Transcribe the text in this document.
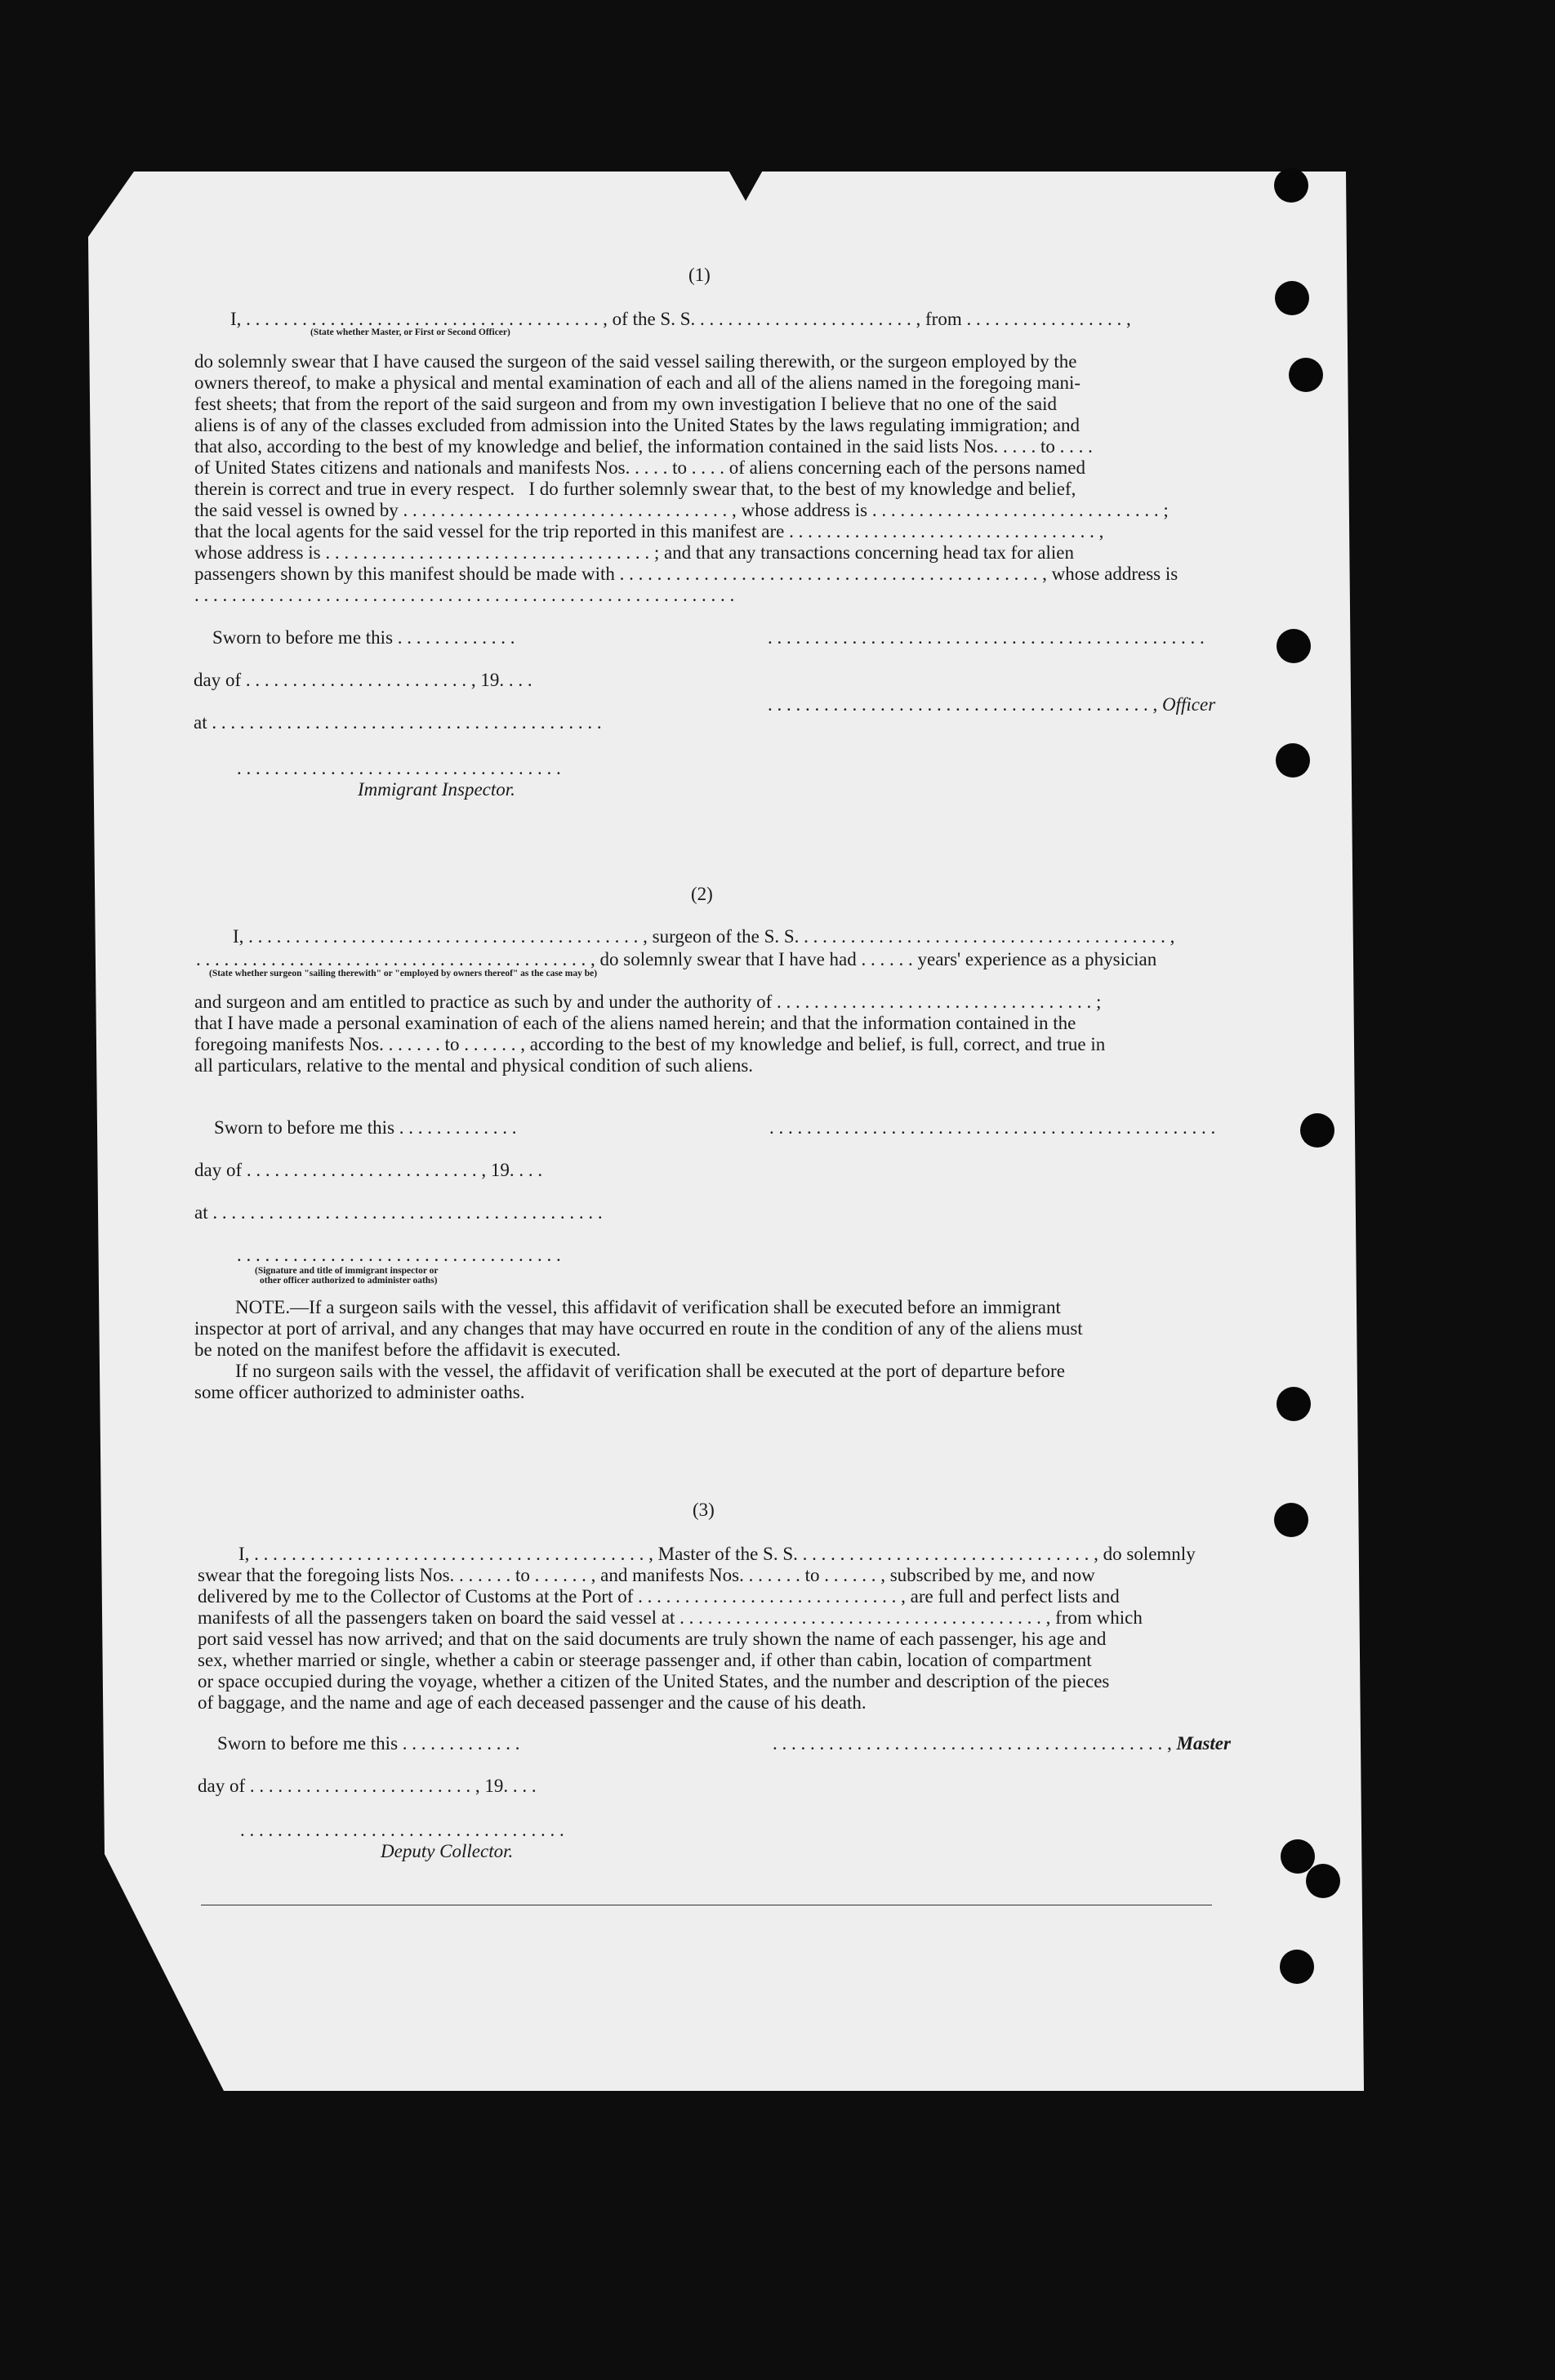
(1)
I, . . . . . . . . . . . . . . . . . . . . . . . . . . . . . . . . . . . . . . , of the S. S. . . . . . . . . . . . . . . . . . . . . . . . , from . . . . . . . . . . . . . . . . . ,
(State whether Master, or First or Second Officer)
do solemnly swear that I have caused the surgeon of the said vessel sailing therewith, or the surgeon employed by the
owners thereof, to make a physical and mental examination of each and all of the aliens named in the foregoing mani-
fest sheets; that from the report of the said surgeon and from my own investigation I believe that no one of the said
aliens is of any of the classes excluded from admission into the United States by the laws regulating immigration; and
that also, according to the best of my knowledge and belief, the information contained in the said lists Nos. . . . . to . . . .
of United States citizens and nationals and manifests Nos. . . . . to . . . . of aliens concerning each of the persons named
therein is correct and true in every respect.   I do further solemnly swear that, to the best of my knowledge and belief,
the said vessel is owned by . . . . . . . . . . . . . . . . . . . . . . . . . . . . . . . . . . . , whose address is . . . . . . . . . . . . . . . . . . . . . . . . . . . . . . . ;
that the local agents for the said vessel for the trip reported in this manifest are . . . . . . . . . . . . . . . . . . . . . . . . . . . . . . . . . ,
whose address is . . . . . . . . . . . . . . . . . . . . . . . . . . . . . . . . . . . ; and that any transactions concerning head tax for alien
passengers shown by this manifest should be made with . . . . . . . . . . . . . . . . . . . . . . . . . . . . . . . . . . . . . . . . . . . . . , whose address is
. . . . . . . . . . . . . . . . . . . . . . . . . . . . . . . . . . . . . . . . . . . . . . . . . . . . . . . . . .
Sworn to before me this . . . . . . . . . . . . .	. . . . . . . . . . . . . . . . . . . . . . . . . . . . . . . . . . . . . . . . . . . . . . .
day of . . . . . . . . . . . . . . . . . . . . . . . . , 19. . . .
. . . . . . . . . . . . . . . . . . . . . . . . . . . . . . . . . . . . . . . . . , Officer
at . . . . . . . . . . . . . . . . . . . . . . . . . . . . . . . . . . . . . . . . . .
. . . . . . . . . . . . . . . . . . . . . . . . . . . . . . . . . . .
Immigrant Inspector.
(2)
I, . . . . . . . . . . . . . . . . . . . . . . . . . . . . . . . . . . . . . . . . . . , surgeon of the S. S. . . . . . . . . . . . . . . . . . . . . . . . . . . . . . . . . . . . . . . . ,
. . . . . . . . . . . . . . . . . . . . . . . . . . . . . . . . . . . . . . . . . . , do solemnly swear that I have had . . . . . . years' experience as a physician
(State whether surgeon "sailing therewith" or "employed by owners thereof" as the case may be)
and surgeon and am entitled to practice as such by and under the authority of . . . . . . . . . . . . . . . . . . . . . . . . . . . . . . . . . . ;
that I have made a personal examination of each of the aliens named herein; and that the information contained in the
foregoing manifests Nos. . . . . . . to . . . . . . , according to the best of my knowledge and belief, is full, correct, and true in
all particulars, relative to the mental and physical condition of such aliens.
Sworn to before me this . . . . . . . . . . . . .	. . . . . . . . . . . . . . . . . . . . . . . . . . . . . . . . . . . . . . . . . . . . . . . .
day of . . . . . . . . . . . . . . . . . . . . . . . . . , 19. . . .
at . . . . . . . . . . . . . . . . . . . . . . . . . . . . . . . . . . . . . . . . . .
. . . . . . . . . . . . . . . . . . . . . . . . . . . . . . . . . . .
(Signature and title of immigrant inspector or
other officer authorized to administer oaths)
NOTE.—If a surgeon sails with the vessel, this affidavit of verification shall be executed before an immigrant
inspector at port of arrival, and any changes that may have occurred en route in the condition of any of the aliens must
be noted on the manifest before the affidavit is executed.
If no surgeon sails with the vessel, the affidavit of verification shall be executed at the port of departure before
some officer authorized to administer oaths.
(3)
I, . . . . . . . . . . . . . . . . . . . . . . . . . . . . . . . . . . . . . . . . . . , Master of the S. S. . . . . . . . . . . . . . . . . . . . . . . . . . . . . . . . , do solemnly
swear that the foregoing lists Nos. . . . . . . to . . . . . . , and manifests Nos. . . . . . . to . . . . . . , subscribed by me, and now
delivered by me to the Collector of Customs at the Port of . . . . . . . . . . . . . . . . . . . . . . . . . . . . , are full and perfect lists and
manifests of all the passengers taken on board the said vessel at . . . . . . . . . . . . . . . . . . . . . . . . . . . . . . . . . . . . . . . , from which
port said vessel has now arrived; and that on the said documents are truly shown the name of each passenger, his age and
sex, whether married or single, whether a cabin or steerage passenger and, if other than cabin, location of compartment
or space occupied during the voyage, whether a citizen of the United States, and the number and description of the pieces
of baggage, and the name and age of each deceased passenger and the cause of his death.
Sworn to before me this . . . . . . . . . . . . .	. . . . . . . . . . . . . . . . . . . . . . . . . . . . . . . . . . . . . . . . . . , Master
day of . . . . . . . . . . . . . . . . . . . . . . . . , 19. . . .
. . . . . . . . . . . . . . . . . . . . . . . . . . . . . . . . . . .
Deputy Collector.
